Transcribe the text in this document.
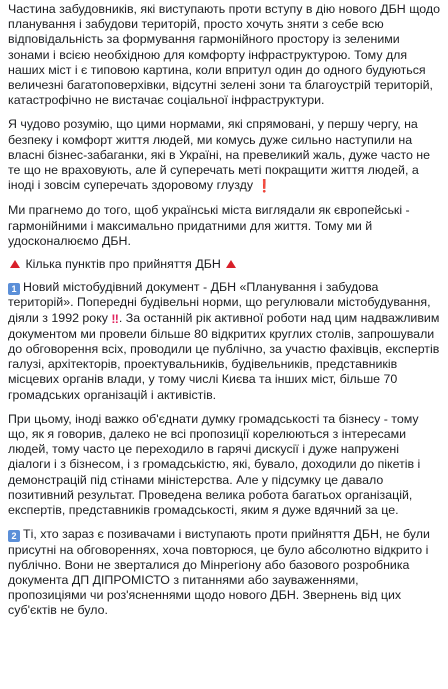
Частина забудовників, які виступають проти вступу в дію нового ДБН щодо планування і забудови територій, просто хочуть зняти з себе всю відповідальність за формування гармонійного простору із зеленими зонами і всією необхідною для комфорту інфраструктурою. Тому для наших міст і є типовою картина, коли впритул один до одного будуються величезні багатоповерхівки, відсутні зелені зони та благоустрій територій, катастрофічно не вистачає соціальної інфраструктури.

Я чудово розумію, що цими нормами, які спрямовані, у першу чергу, на безпеку і комфорт життя людей, ми комусь дуже сильно наступили на власні бізнес-забаганки, які в Україні, на превеликий жаль, дуже часто не те що не враховують, але й суперечать меті покращити життя людей, а іноді і зовсім суперечать здоровому глузду ❗

Ми прагнемо до того, щоб українські міста виглядали як європейські - гармонійними і максимально придатними для життя. Тому ми й удосконалюємо ДБН.

Кілька пунктів про прийняття ДБН

1 Новий містобудівний документ - ДБН «Планування і забудова територій». Попередні будівельні норми, що регулювали містобудування, діяли з 1992 року ‼. За останній рік активної роботи над цим надважливим документом ми провели більше 80 відкритих круглих столів, запрошували до обговорення всіх, проводили це публічно, за участю фахівців, експертів галузі, архітекторів, проектувальників, будівельників, представників місцевих органів влади, у тому числі Києва та інших міст, більше 70 громадських організацій і активістів.

При цьому, іноді важко об'єднати думку громадськості та бізнесу - тому що, як я говорив, далеко не всі пропозиції корелюються з інтересами людей, тому часто це переходило в гарячі дискусії і дуже напружені діалоги і з бізнесом, і з громадськістю, які, бувало, доходили до пікетів і демонстрацій під стінами міністерства. Але у підсумку це давало позитивний результат. Проведена велика робота багатьох організацій, експертів, представників громадськості, яким я дуже вдячний за це.

2 Ті, хто зараз є позивачами і виступають проти прийняття ДБН, не були присутні на обговореннях, хоча повторюся, це було абсолютно відкрито і публічно. Вони не зверталися до Мінрегіону або базового розробника документа ДП ДІПРОМІСТО з питаннями або зауваженнями, пропозиціями чи роз'ясненнями щодо нового ДБН. Звернень від цих суб'єктів не було.
